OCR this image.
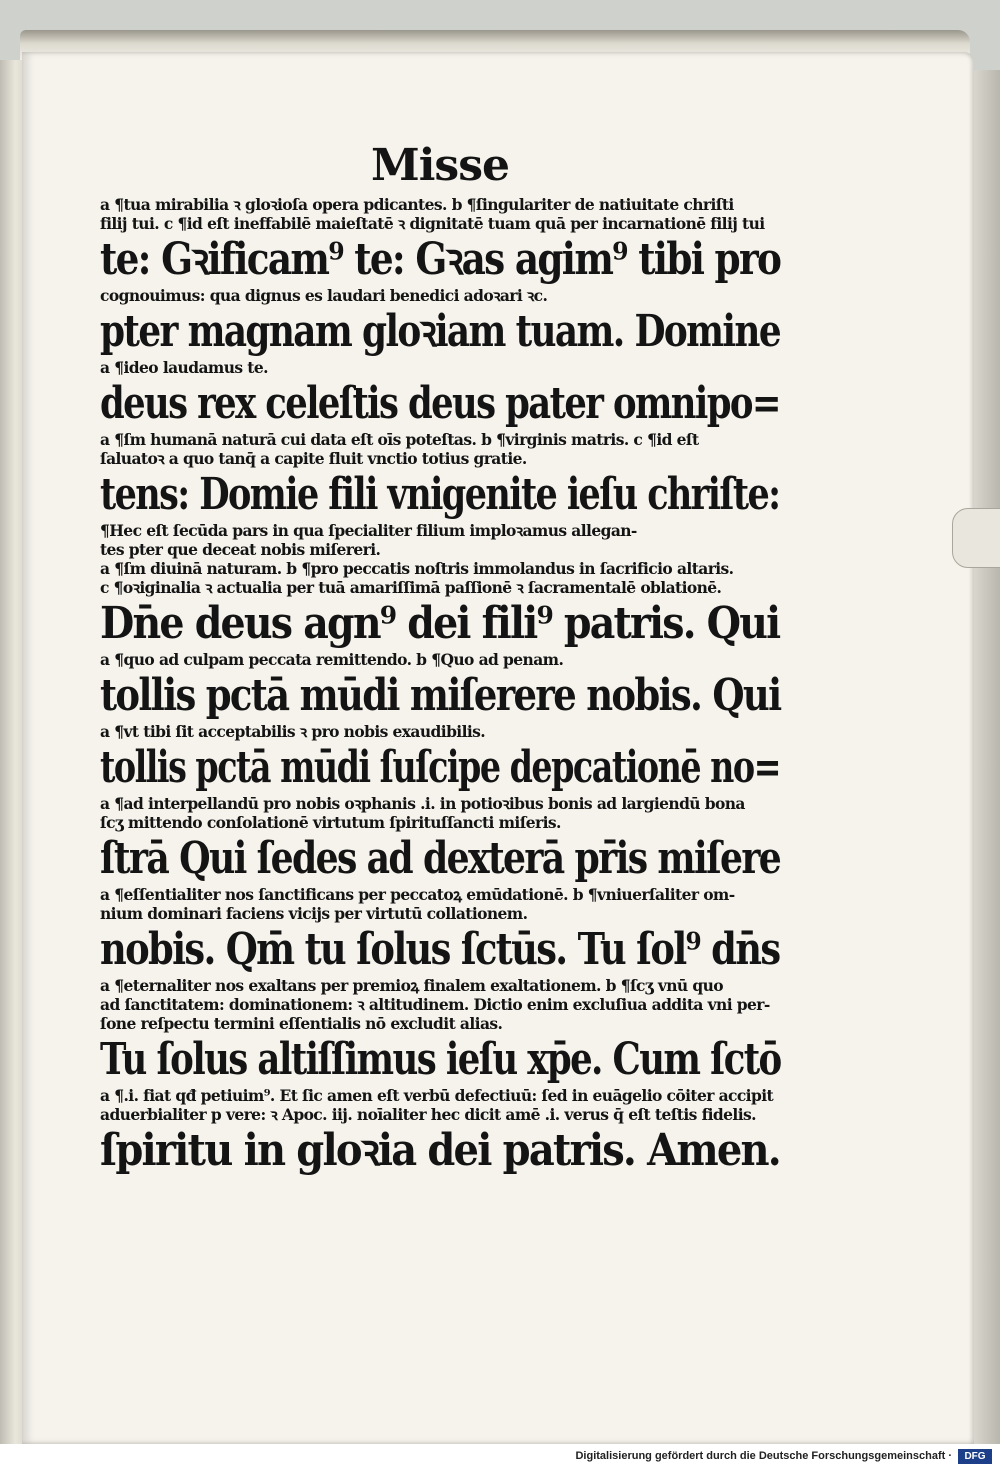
Misse
a ¶tua mirabilia ꝛ gloꝛioſa opera pdicantes. b ¶ſingulariter de natiuitate chriſti
filij tui. c ¶id eſt ineffabilē maieſtatē ꝛ dignitatē tuam quā per incarnationē filij tui
te: Gꝛificam⁹ te: Gꝛas agim⁹ tibi pro
cognouimus: qua dignus es laudari benedici adoꝛari ꝛc.
pter magnam gloꝛiam tuam. Domine
a ¶ideo laudamus te.
deus rex celeſtis deus pater omnipo=
a ¶ſm humanā naturā cui data eſt oīs poteſtas. b ¶virginis matris. c ¶id eſt
ſaluatoꝛ a quo tanq̄ a capite fluit vnctio totius gratie.
tens: Domie fili vnigenite ieſu chriſte:
¶Hec eſt ſecūda pars in qua ſpecialiter filium imploꝛamus allegan-
tes pter que deceat nobis miſereri.
a ¶ſm diuinā naturam. b ¶pro peccatis noſtris immolandus in ſacrificio altaris.
c ¶oꝛiginalia ꝛ actualia per tuā amariſſimā paſſionē ꝛ ſacramentalē oblationē.
Dn̄e deus agn⁹ dei fili⁹ patris. Qui
a ¶quo ad culpam peccata remittendo. b ¶Quo ad penam.
tollis pctā mūdi miſerere nobis. Qui
a ¶vt tibi ſit acceptabilis ꝛ pro nobis exaudibilis.
tollis pctā mūdi ſuſcipe depcationē no=
a ¶ad interpellandū pro nobis oꝛphanis .i. in potioꝛibus bonis ad largiendū bona
ſcʒ mittendo conſolationē virtutum ſpirituſſancti miſeris.
ſtrā Qui ſedes ad dexterā pr̄is miſere
a ¶eſſentialiter nos ſanctificans per peccatoꝝ emūdationē. b ¶vniuerſaliter om-
nium dominari faciens vicijs per virtutū collationem.
nobis. Qm̄ tu ſolus ſctūs. Tu ſol⁹ dn̄s
a ¶eternaliter nos exaltans per premioꝝ finalem exaltationem. b ¶ſcʒ vnū quo
ad ſanctitatem: dominationem: ꝛ altitudinem. Dictio enim excluſiua addita vni per-
ſone reſpectu termini eſſentialis nō excludit alias.
Tu ſolus altiſſimus ieſu xp̄e. Cum ſctō
a ¶.i. fiat qđ petiuim⁹. Et ſic amen eſt verbū defectiuū: ſed in euāgelio cōiter accipit
aduerbialiter p vere: ꝛ Apoc. iij. noīaliter hec dicit amē .i. verus q̄ eſt teſtis fidelis.
ſpiritu in gloꝛia dei patris. Amen.
Digitalisierung gefördert durch die Deutsche Forschungsgemeinschaft ·	DFG
